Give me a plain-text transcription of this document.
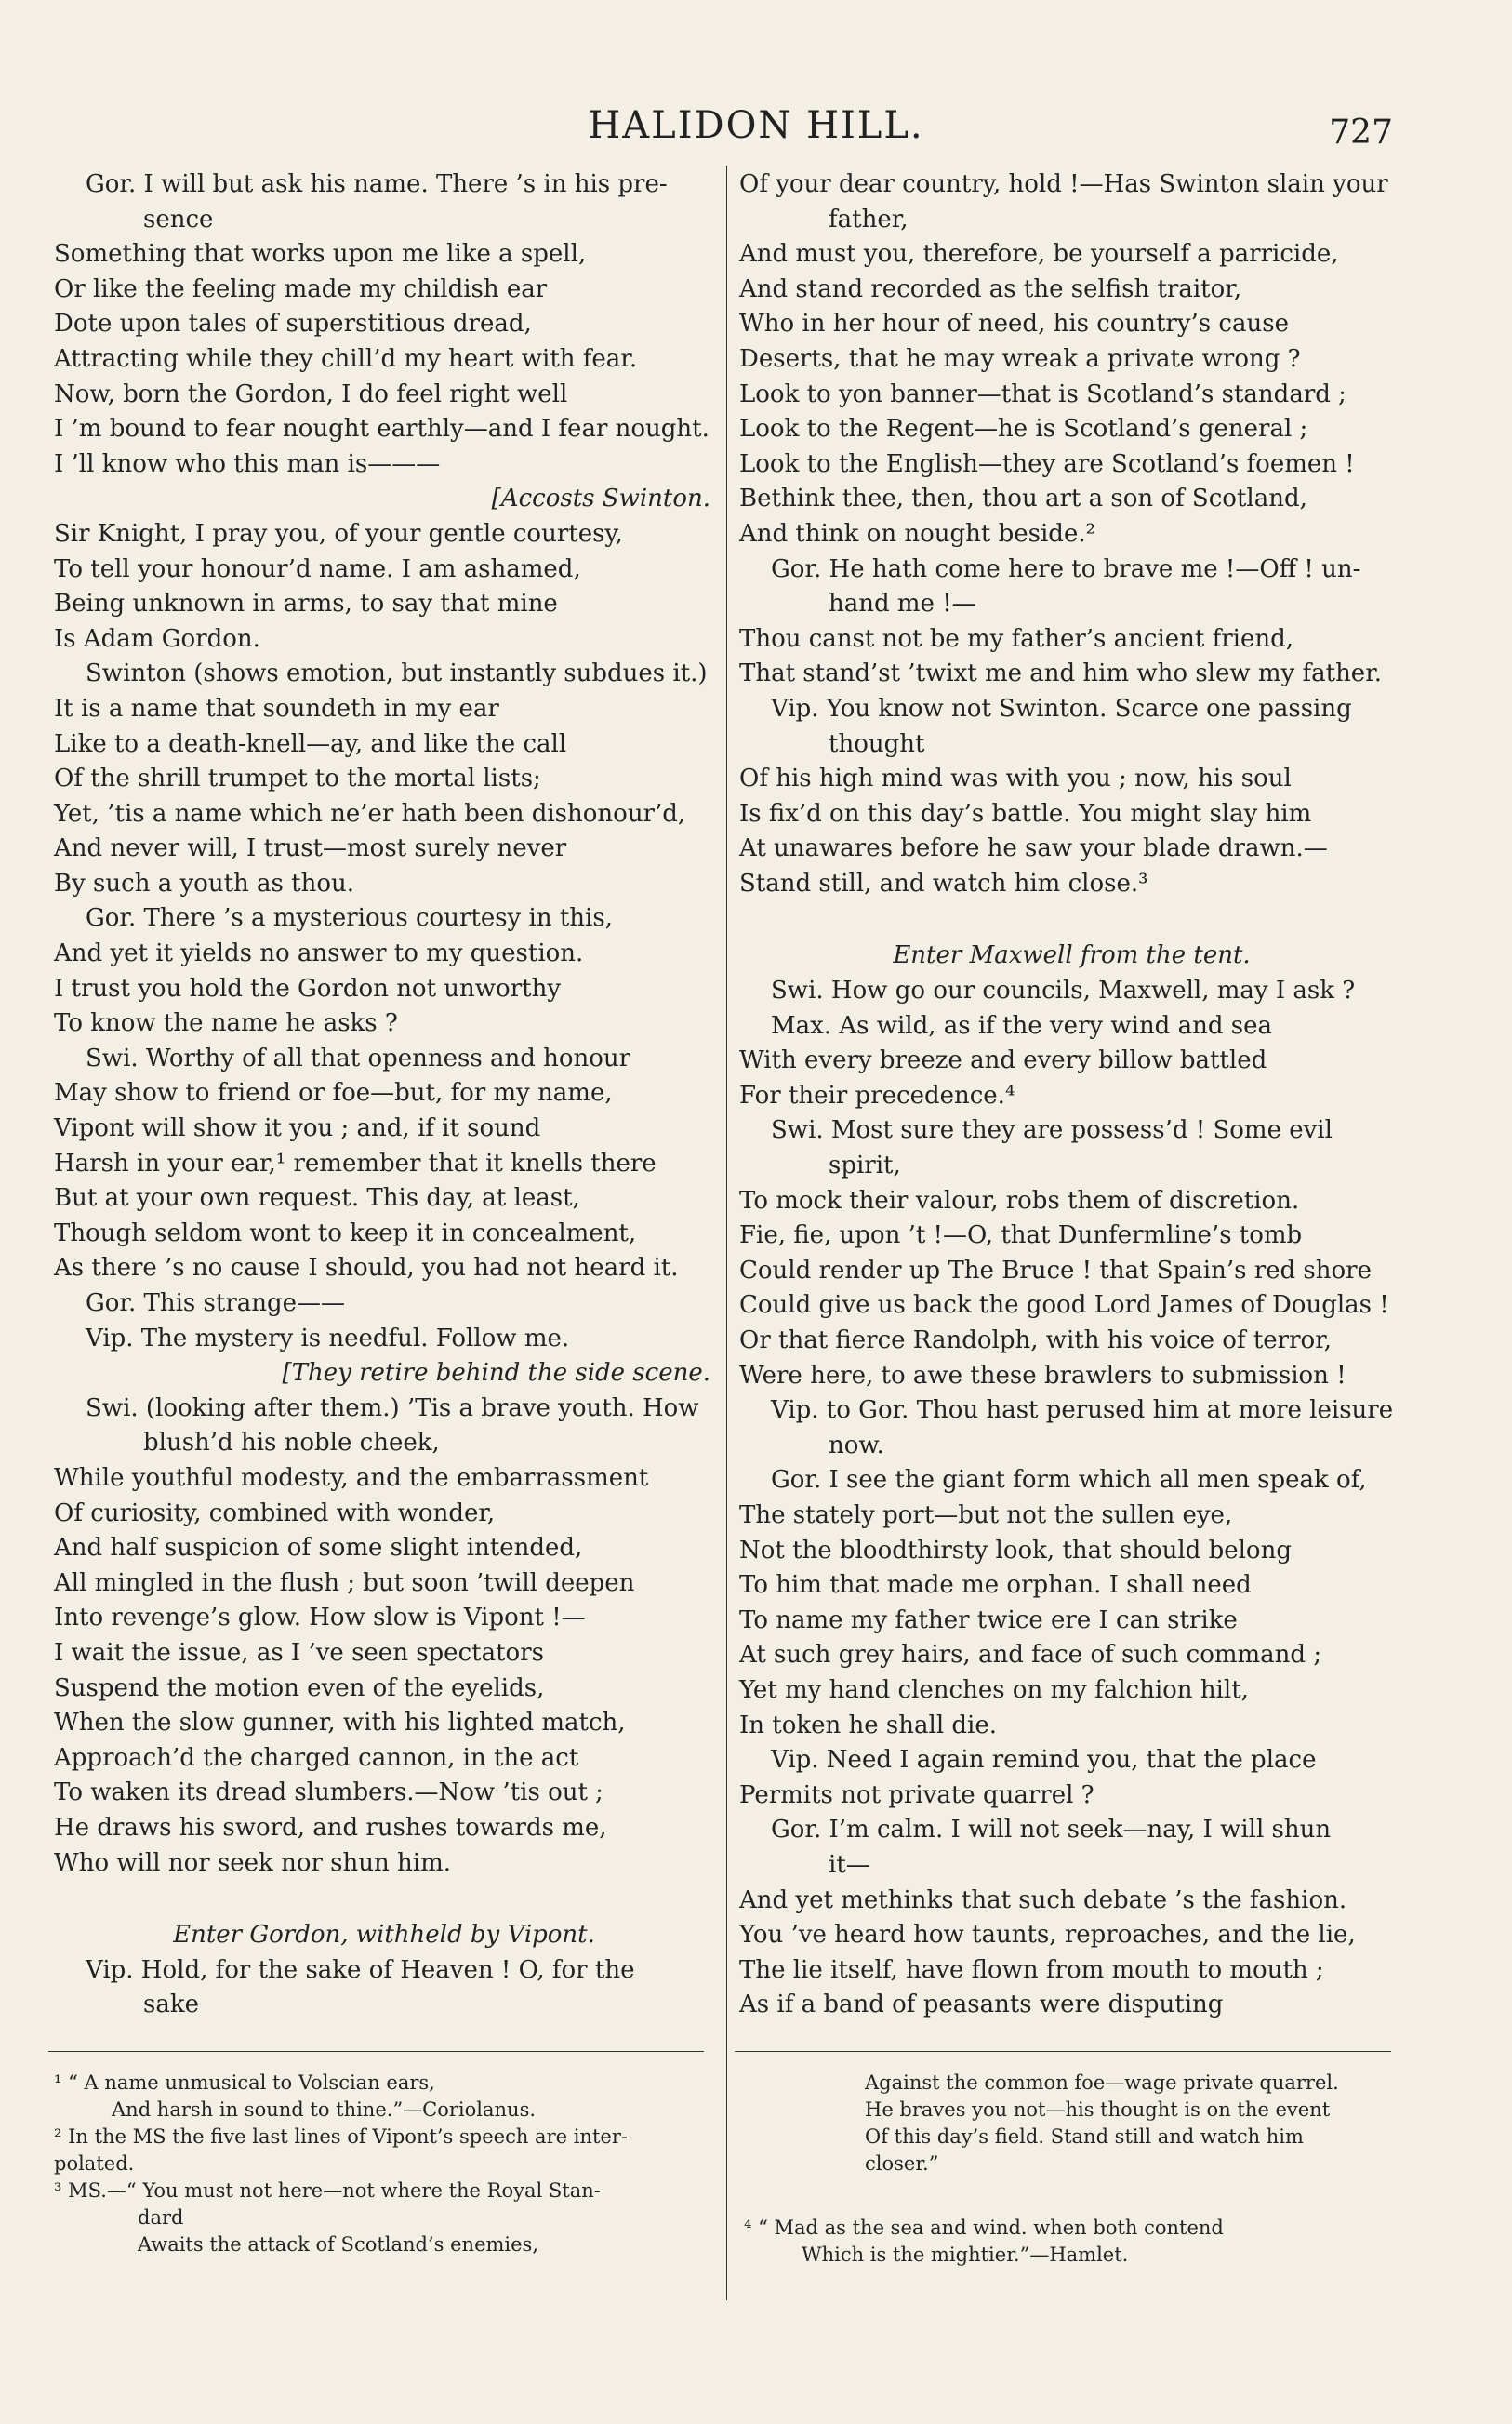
HALIDON HILL.	727
Gor. I will but ask his name. There ’s in his pre-
sence
Something that works upon me like a spell,
Or like the feeling made my childish ear
Dote upon tales of superstitious dread,
Attracting while they chill’d my heart with fear.
Now, born the Gordon, I do feel right well
I ’m bound to fear nought earthly—and I fear nought.
I ’ll know who this man is———
[Accosts Swinton.
Sir Knight, I pray you, of your gentle courtesy,
To tell your honour’d name. I am ashamed,
Being unknown in arms, to say that mine
Is Adam Gordon.
Swinton (shows emotion, but instantly subdues it.)
It is a name that soundeth in my ear
Like to a death-knell—ay, and like the call
Of the shrill trumpet to the mortal lists;
Yet, ’tis a name which ne’er hath been dishonour’d,
And never will, I trust—most surely never
By such a youth as thou.
Gor. There ’s a mysterious courtesy in this,
And yet it yields no answer to my question.
I trust you hold the Gordon not unworthy
To know the name he asks ?
Swi. Worthy of all that openness and honour
May show to friend or foe—but, for my name,
Vipont will show it you ; and, if it sound
Harsh in your ear,¹ remember that it knells there
But at your own request. This day, at least,
Though seldom wont to keep it in concealment,
As there ’s no cause I should, you had not heard it.
Gor. This strange——
Vip. The mystery is needful. Follow me.
[They retire behind the side scene.
Swi. (looking after them.) ’Tis a brave youth. How
blush’d his noble cheek,
While youthful modesty, and the embarrassment
Of curiosity, combined with wonder,
And half suspicion of some slight intended,
All mingled in the flush ; but soon ’twill deepen
Into revenge’s glow. How slow is Vipont !—
I wait the issue, as I ’ve seen spectators
Suspend the motion even of the eyelids,
When the slow gunner, with his lighted match,
Approach’d the charged cannon, in the act
To waken its dread slumbers.—Now ’tis out ;
He draws his sword, and rushes towards me,
Who will nor seek nor shun him.
Enter Gordon, withheld by Vipont.
Vip. Hold, for the sake of Heaven ! O, for the
sake
Of your dear country, hold !—Has Swinton slain your
father,
And must you, therefore, be yourself a parricide,
And stand recorded as the selfish traitor,
Who in her hour of need, his country’s cause
Deserts, that he may wreak a private wrong ?
Look to yon banner—that is Scotland’s standard ;
Look to the Regent—he is Scotland’s general ;
Look to the English—they are Scotland’s foemen !
Bethink thee, then, thou art a son of Scotland,
And think on nought beside.²
Gor. He hath come here to brave me !—Off ! un-
hand me !—
Thou canst not be my father’s ancient friend,
That stand’st ’twixt me and him who slew my father.
Vip. You know not Swinton. Scarce one passing
thought
Of his high mind was with you ; now, his soul
Is fix’d on this day’s battle. You might slay him
At unawares before he saw your blade drawn.—
Stand still, and watch him close.³
Enter Maxwell from the tent.
Swi. How go our councils, Maxwell, may I ask ?
Max. As wild, as if the very wind and sea
With every breeze and every billow battled
For their precedence.⁴
Swi. Most sure they are possess’d ! Some evil
spirit,
To mock their valour, robs them of discretion.
Fie, fie, upon ’t !—O, that Dunfermline’s tomb
Could render up The Bruce ! that Spain’s red shore
Could give us back the good Lord James of Douglas !
Or that fierce Randolph, with his voice of terror,
Were here, to awe these brawlers to submission !
Vip. to Gor. Thou hast perused him at more leisure
now.
Gor. I see the giant form which all men speak of,
The stately port—but not the sullen eye,
Not the bloodthirsty look, that should belong
To him that made me orphan. I shall need
To name my father twice ere I can strike
At such grey hairs, and face of such command ;
Yet my hand clenches on my falchion hilt,
In token he shall die.
Vip. Need I again remind you, that the place
Permits not private quarrel ?
Gor. I’m calm. I will not seek—nay, I will shun
it—
And yet methinks that such debate ’s the fashion.
You ’ve heard how taunts, reproaches, and the lie,
The lie itself, have flown from mouth to mouth ;
As if a band of peasants were disputing
¹ “ A name unmusical to Volscian ears,
And harsh in sound to thine.”—Coriolanus.
² In the MS the five last lines of Vipont’s speech are inter-
polated.
³ MS.—“ You must not here—not where the Royal Stan-
dard
Awaits the attack of Scotland’s enemies,
Against the common foe—wage private quarrel.
He braves you not—his thought is on the event
Of this day’s field. Stand still and watch him
closer.”
⁴ “ Mad as the sea and wind. when both contend
Which is the mightier.”—Hamlet.
